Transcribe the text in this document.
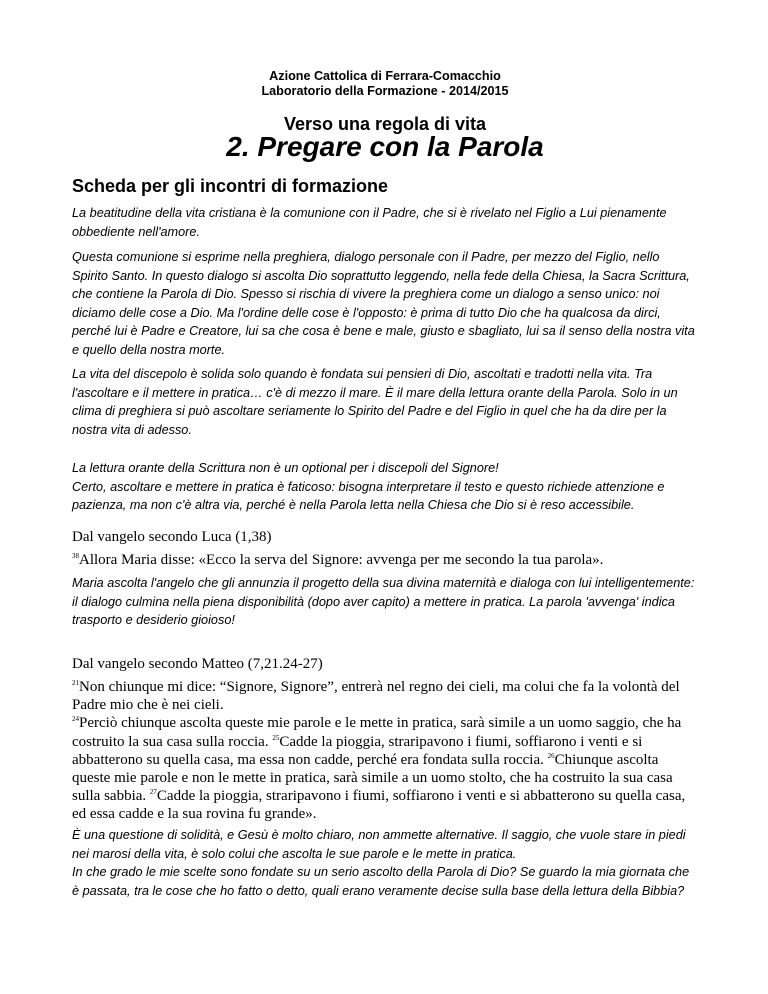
Azione Cattolica di Ferrara-Comacchio
Laboratorio della Formazione - 2014/2015
Verso una regola di vita
2. Pregare con la Parola
Scheda per gli incontri di formazione

La beatitudine della vita cristiana è la comunione con il Padre, che si è rivelato nel Figlio a Lui pienamente obbediente nell'amore.

Questa comunione si esprime nella preghiera, dialogo personale con il Padre, per mezzo del Figlio, nello Spirito Santo. In questo dialogo si ascolta Dio soprattutto leggendo, nella fede della Chiesa, la Sacra Scrittura, che contiene la Parola di Dio. Spesso si rischia di vivere la preghiera come un dialogo a senso unico: noi diciamo delle cose a Dio. Ma l'ordine delle cose è l'opposto: è prima di tutto Dio che ha qualcosa da dirci, perché lui è Padre e Creatore, lui sa che cosa è bene e male, giusto e sbagliato, lui sa il senso della nostra vita e quello della nostra morte.

La vita del discepolo è solida solo quando è fondata sui pensieri di Dio, ascoltati e tradotti nella vita. Tra l'ascoltare e il mettere in pratica… c'è di mezzo il mare. È il mare della lettura orante della Parola. Solo in un clima di preghiera si può ascoltare seriamente lo Spirito del Padre e del Figlio in quel che ha da dire per la nostra vita di adesso.

La lettura orante della Scrittura non è un optional per i discepoli del Signore!
Certo, ascoltare e mettere in pratica è faticoso: bisogna interpretare il testo e questo richiede attenzione e pazienza, ma non c'è altra via, perché è nella Parola letta nella Chiesa che Dio si è reso accessibile.

Dal vangelo secondo Luca (1,38)

$^{38}$Allora Maria disse: «Ecco la serva del Signore: avvenga per me secondo la tua parola».

Maria ascolta l'angelo che gli annunzia il progetto della sua divina maternità e dialoga con lui intelligentemente: il dialogo culmina nella piena disponibilità (dopo aver capito) a mettere in pratica. La parola 'avvenga' indica trasporto e desiderio gioioso!

Dal vangelo secondo Matteo (7,21.24-27)

$^{21}$Non chiunque mi dice: “Signore, Signore”, entrerà nel regno dei cieli, ma colui che fa la volontà del Padre mio che è nei cieli.
$^{24}$Perciò chiunque ascolta queste mie parole e le mette in pratica, sarà simile a un uomo saggio, che ha costruito la sua casa sulla roccia. $^{25}$Cadde la pioggia, straripavono i fiumi, soffiarono i venti e si abbatterono su quella casa, ma essa non cadde, perché era fondata sulla roccia. $^{26}$Chiunque ascolta queste mie parole e non le mette in pratica, sarà simile a un uomo stolto, che ha costruito la sua casa sulla sabbia. $^{27}$Cadde la pioggia, straripavono i fiumi, soffiarono i venti e si abbatterono su quella casa, ed essa cadde e la sua rovina fu grande».

È una questione di solidità, e Gesù è molto chiaro, non ammette alternative. Il saggio, che vuole stare in piedi nei marosi della vita, è solo colui che ascolta le sue parole e le mette in pratica.
In che grado le mie scelte sono fondate su un serio ascolto della Parola di Dio? Se guardo la mia giornata che è passata, tra le cose che ho fatto o detto, quali erano veramente decise sulla base della lettura della Bibbia?
